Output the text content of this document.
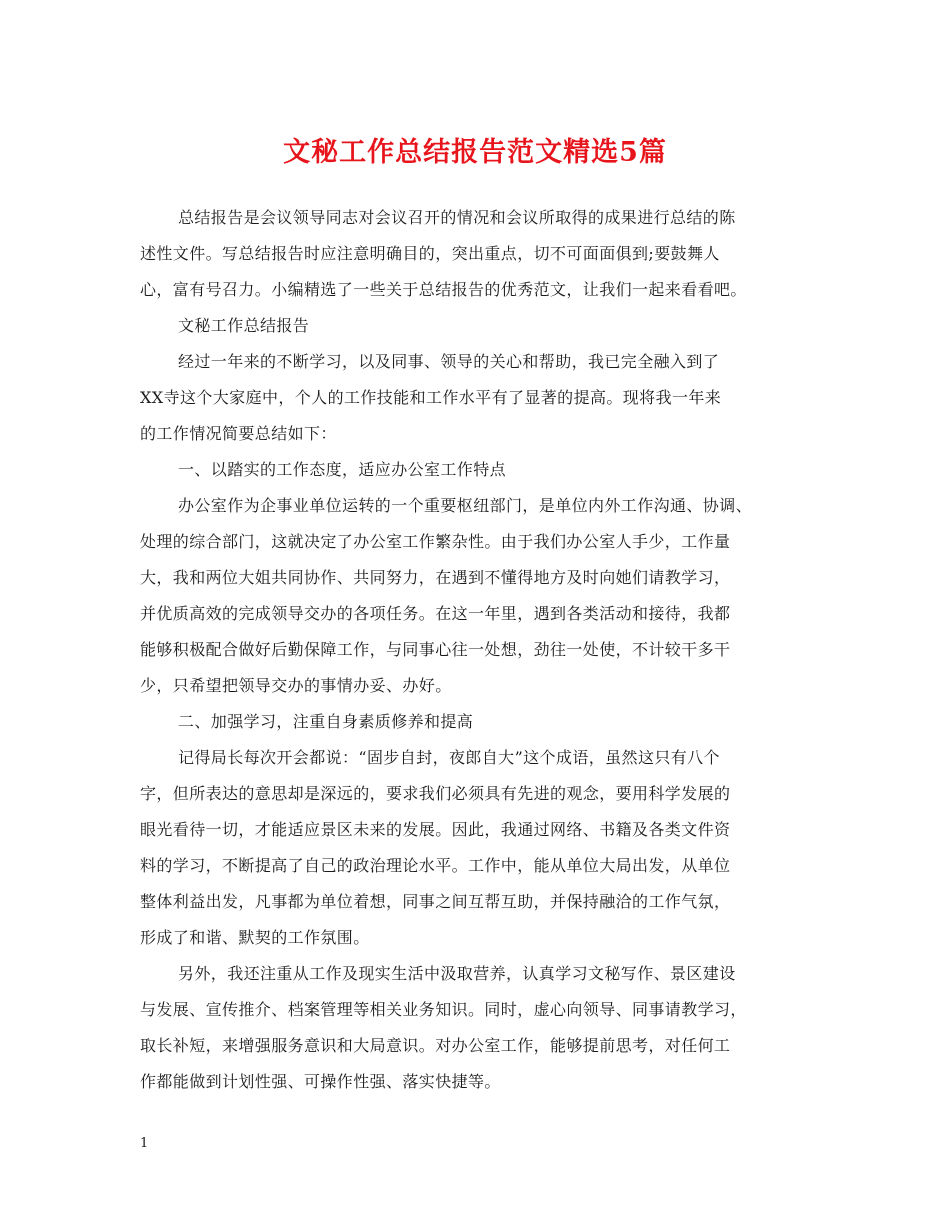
文秘工作总结报告范文精选5篇
总结报告是会议领导同志对会议召开的情况和会议所取得的成果进行总结的陈
述性文件。写总结报告时应注意明确目的，突出重点，切不可面面俱到;要鼓舞人
心，富有号召力。小编精选了一些关于总结报告的优秀范文，让我们一起来看看吧。
文秘工作总结报告
经过一年来的不断学习，以及同事、领导的关心和帮助，我已完全融入到了
XX寺这个大家庭中，个人的工作技能和工作水平有了显著的提高。现将我一年来
的工作情况简要总结如下：
一、以踏实的工作态度，适应办公室工作特点
办公室作为企事业单位运转的一个重要枢纽部门，是单位内外工作沟通、协调、
处理的综合部门，这就决定了办公室工作繁杂性。由于我们办公室人手少，工作量
大，我和两位大姐共同协作、共同努力，在遇到不懂得地方及时向她们请教学习，
并优质高效的完成领导交办的各项任务。在这一年里，遇到各类活动和接待，我都
能够积极配合做好后勤保障工作，与同事心往一处想，劲往一处使，不计较干多干
少，只希望把领导交办的事情办妥、办好。
二、加强学习，注重自身素质修养和提高
记得局长每次开会都说：“固步自封，夜郎自大”这个成语，虽然这只有八个
字，但所表达的意思却是深远的，要求我们必须具有先进的观念，要用科学发展的
眼光看待一切，才能适应景区未来的发展。因此，我通过网络、书籍及各类文件资
料的学习，不断提高了自己的政治理论水平。工作中，能从单位大局出发，从单位
整体利益出发，凡事都为单位着想，同事之间互帮互助，并保持融洽的工作气氛，
形成了和谐、默契的工作氛围。
另外，我还注重从工作及现实生活中汲取营养，认真学习文秘写作、景区建设
与发展、宣传推介、档案管理等相关业务知识。同时，虚心向领导、同事请教学习，
取长补短，来增强服务意识和大局意识。对办公室工作，能够提前思考，对任何工
作都能做到计划性强、可操作性强、落实快捷等。
1
